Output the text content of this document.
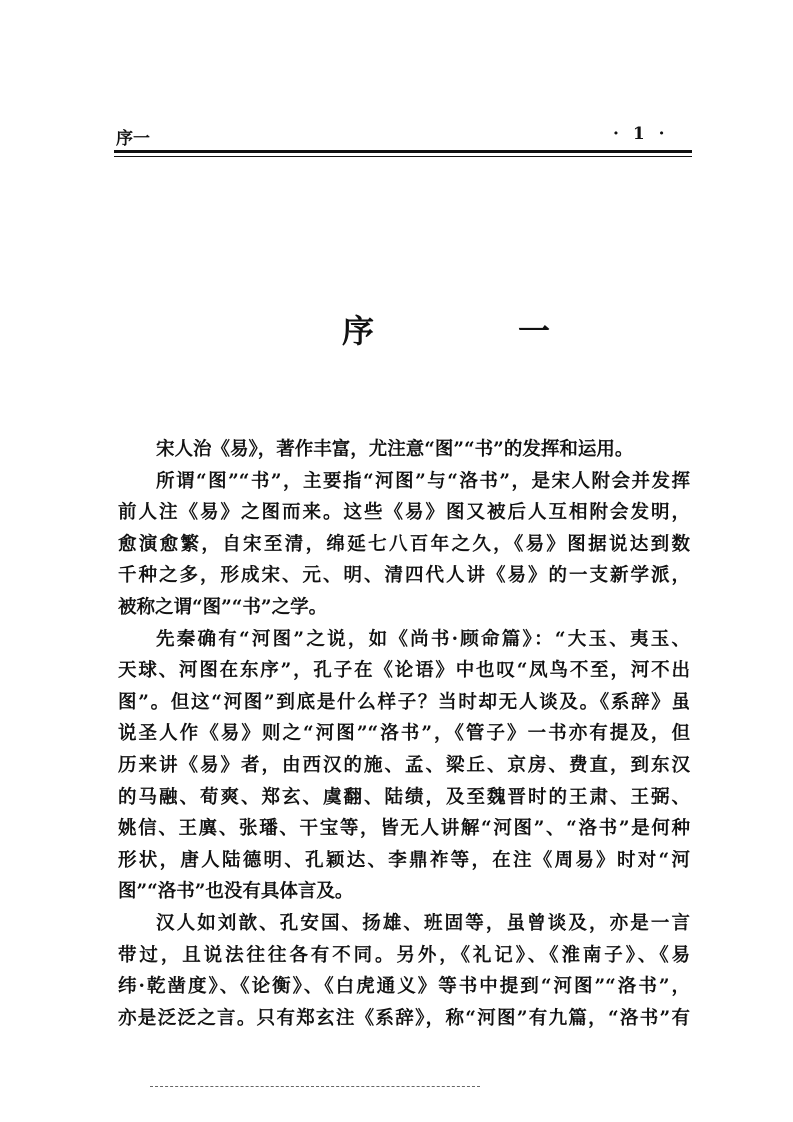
序一	· 1 ·
序　一
宋人治《易》，著作丰富，尤注意“图”“书”的发挥和运用。
所谓“图”“书”，主要指“河图”与“洛书”，是宋人附会并发挥
前人注《易》之图而来。这些《易》图又被后人互相附会发明，
愈演愈繁，自宋至清，绵延七八百年之久，《易》图据说达到数
千种之多，形成宋、元、明、清四代人讲《易》的一支新学派，
被称之谓“图”“书”之学。
先秦确有“河图”之说，如《尚书·顾命篇》：“大玉、夷玉、
天球、河图在东序”，孔子在《论语》中也叹“凤鸟不至，河不出
图”。但这“河图”到底是什么样子？当时却无人谈及。《系辞》虽
说圣人作《易》则之“河图”“洛书”，《管子》一书亦有提及，但
历来讲《易》者，由西汉的施、孟、梁丘、京房、费直，到东汉
的马融、荀爽、郑玄、虞翻、陆绩，及至魏晋时的王肃、王弼、
姚信、王廙、张璠、干宝等，皆无人讲解“河图”、“洛书”是何种
形状，唐人陆德明、孔颖达、李鼎祚等，在注《周易》时对“河
图”“洛书”也没有具体言及。
汉人如刘歆、孔安国、扬雄、班固等，虽曾谈及，亦是一言
带过，且说法往往各有不同。另外，《礼记》、《淮南子》、《易
纬·乾凿度》、《论衡》、《白虎通义》等书中提到“河图”“洛书”，
亦是泛泛之言。只有郑玄注《系辞》，称“河图”有九篇，“洛书”有
